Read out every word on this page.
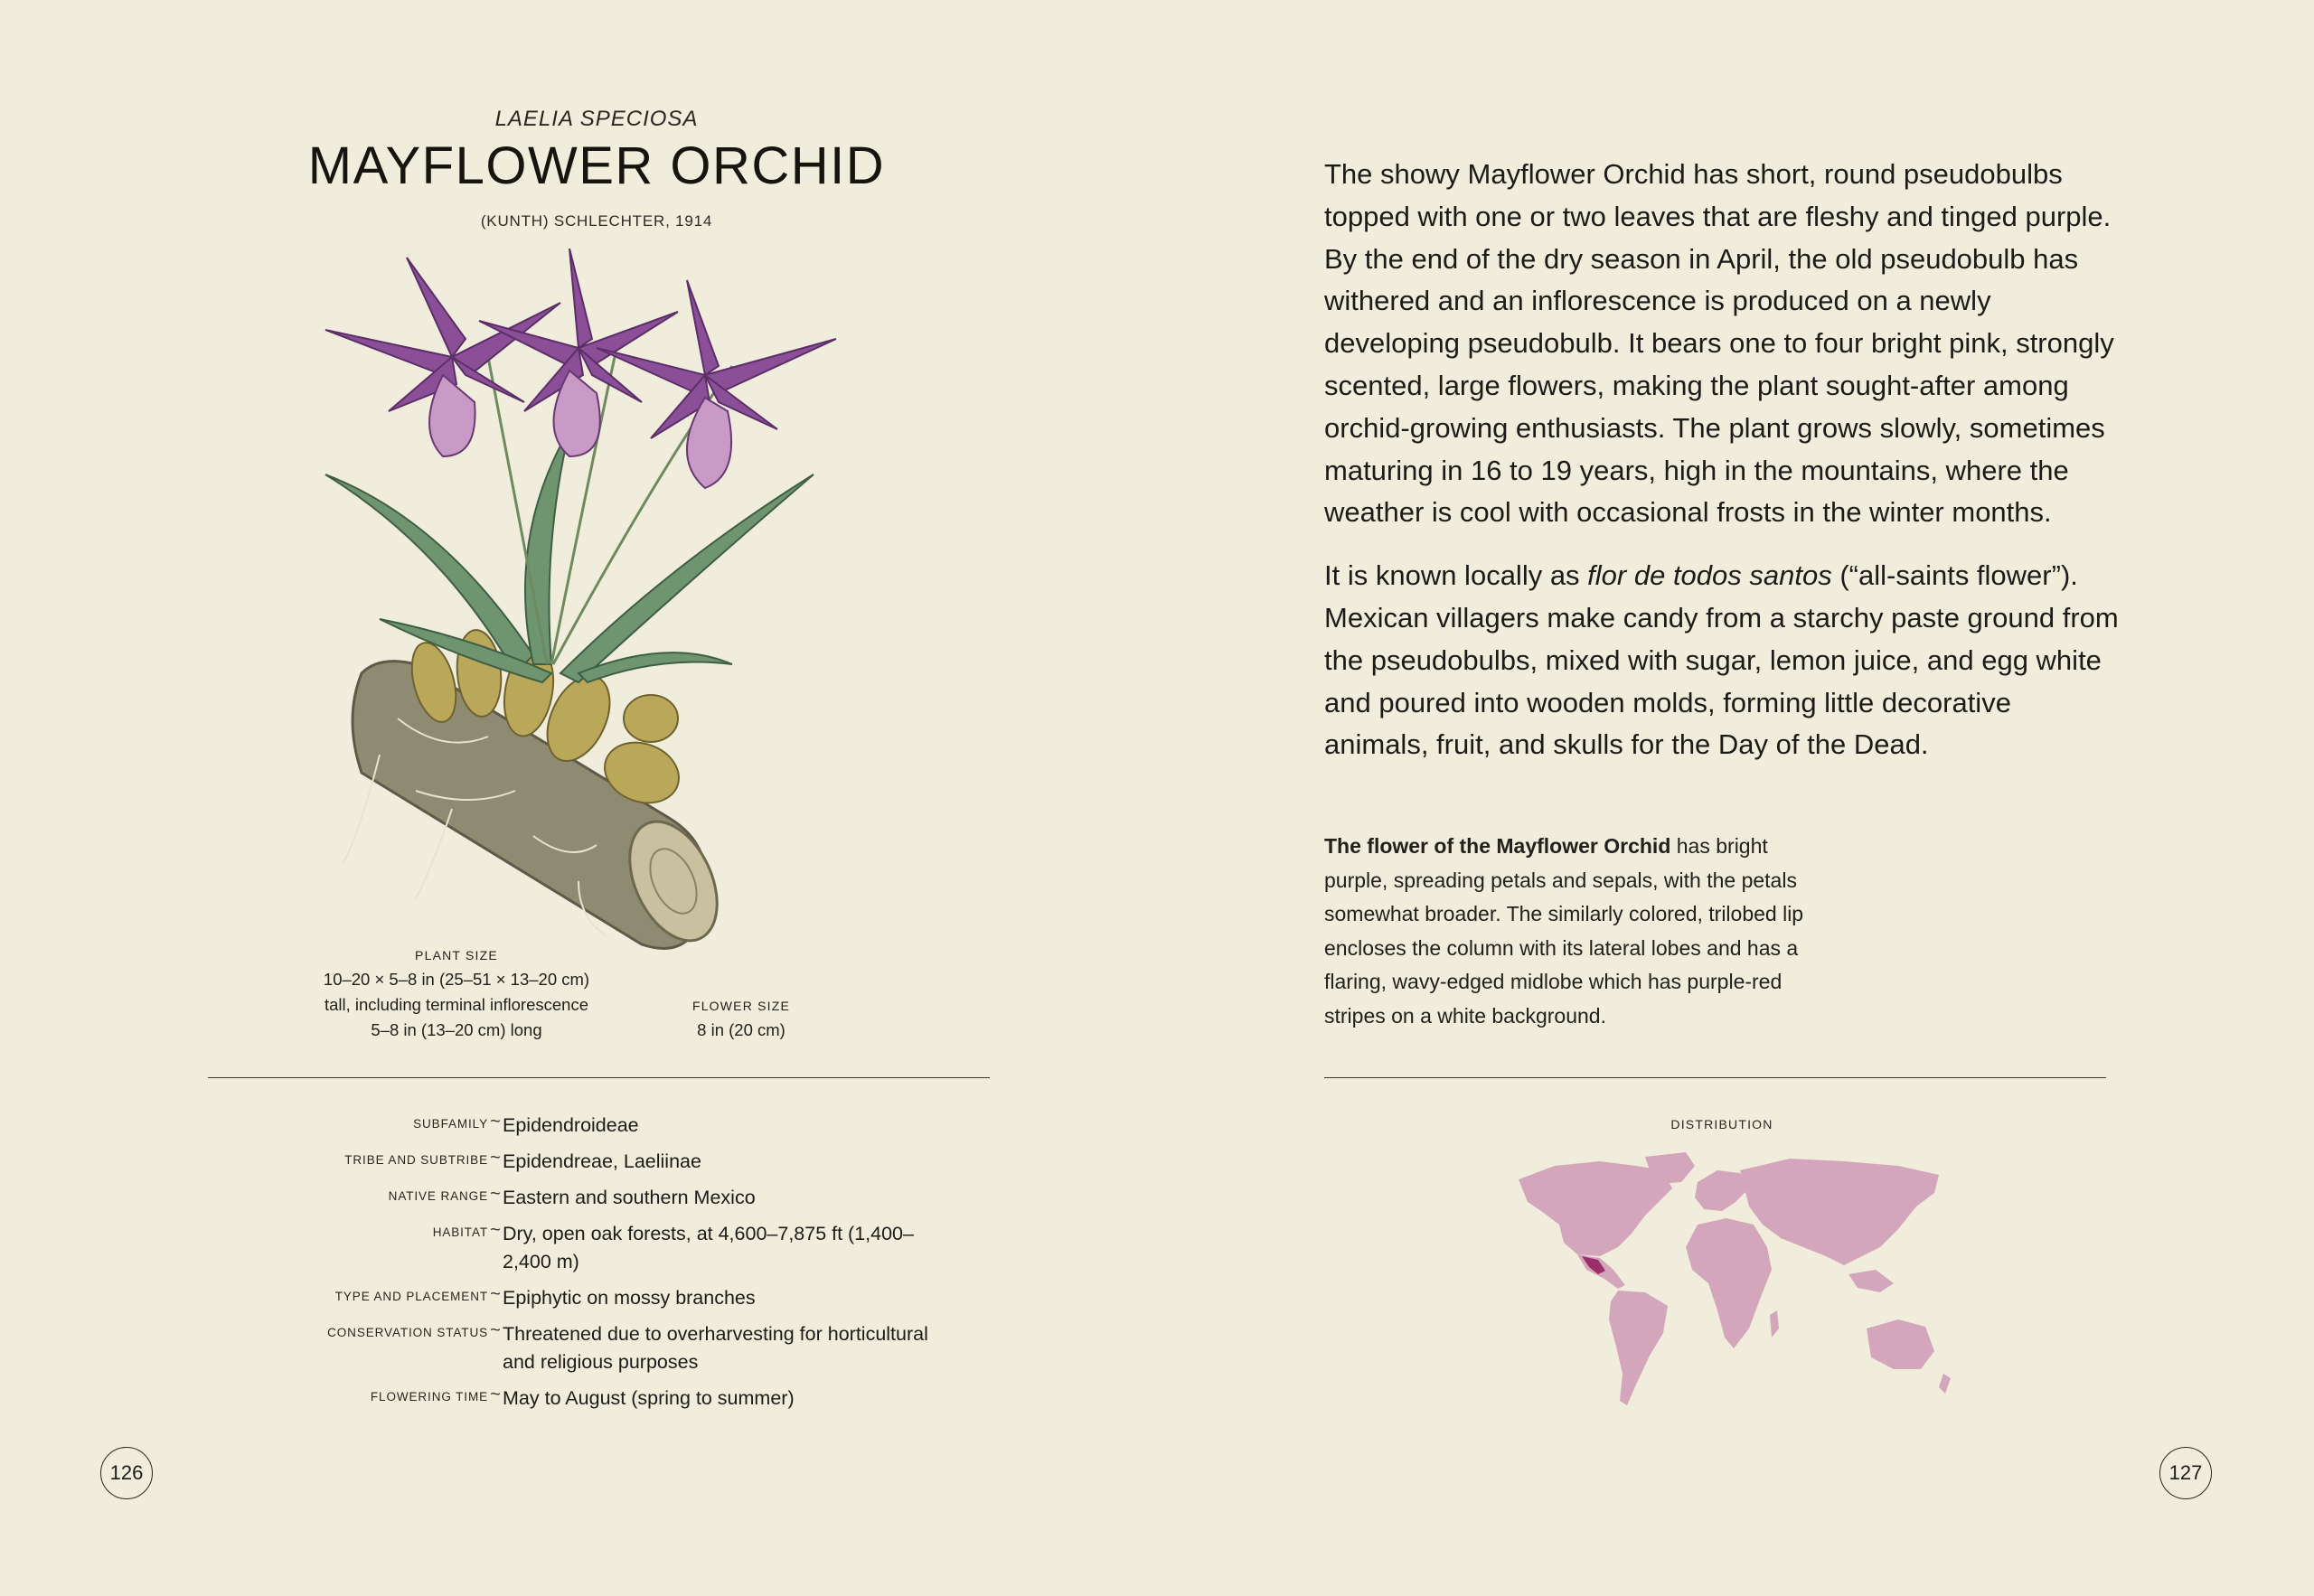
LAELIA SPECIOSA
MAYFLOWER ORCHID
(KUNTH) SCHLECHTER, 1914
PLANT SIZE
10–20 × 5–8 in (25–51 × 13–20 cm)
tall, including terminal inflorescence
5–8 in (13–20 cm) long
FLOWER SIZE
8 in (20 cm)
SUBFAMILY ~ Epidendroideae
TRIBE AND SUBTRIBE ~ Epidendreae, Laeliinae
NATIVE RANGE ~ Eastern and southern Mexico
HABITAT ~ Dry, open oak forests, at 4,600–7,875 ft (1,400–2,400 m)
TYPE AND PLACEMENT ~ Epiphytic on mossy branches
CONSERVATION STATUS ~ Threatened due to overharvesting for horticultural and religious purposes
FLOWERING TIME ~ May to August (spring to summer)
126

The showy Mayflower Orchid has short, round pseudobulbs topped with one or two leaves that are fleshy and tinged purple. By the end of the dry season in April, the old pseudobulb has withered and an inflorescence is produced on a newly developing pseudobulb. It bears one to four bright pink, strongly scented, large flowers, making the plant sought-after among orchid-growing enthusiasts. The plant grows slowly, sometimes maturing in 16 to 19 years, high in the mountains, where the weather is cool with occasional frosts in the winter months.

It is known locally as flor de todos santos (“all-saints flower”). Mexican villagers make candy from a starchy paste ground from the pseudobulbs, mixed with sugar, lemon juice, and egg white and poured into wooden molds, forming little decorative animals, fruit, and skulls for the Day of the Dead.

The flower of the Mayflower Orchid has bright purple, spreading petals and sepals, with the petals somewhat broader. The similarly colored, trilobed lip encloses the column with its lateral lobes and has a flaring, wavy-edged midlobe which has purple-red stripes on a white background.
DISTRIBUTION
127
